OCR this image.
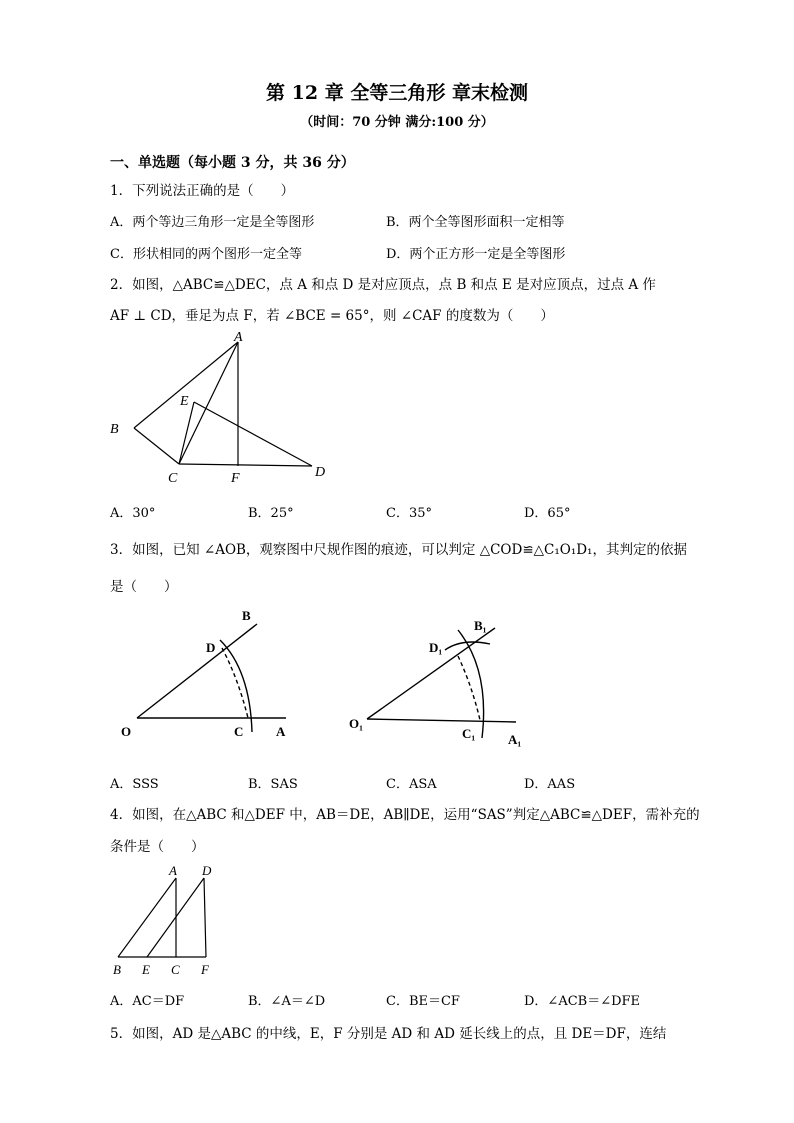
第 12 章 全等三角形 章末检测
（时间：70 分钟 满分:100 分）
一、单选题（每小题 3 分，共 36 分）
1．下列说法正确的是（　　）
A．两个等边三角形一定是全等图形	B．两个全等图形面积一定相等
C．形状相同的两个图形一定全等	D．两个正方形一定是全等图形
2．如图，△ABC≌△DEC，点 A 和点 D 是对应顶点，点 B 和点 E 是对应顶点，过点 A 作
AF ⊥ CD，垂足为点 F，若 ∠BCE = 65°，则 ∠CAF 的度数为（　　）
A
B
C	D
E
F
A．30°	B．25°	C．35°	D．65°
3．如图，已知 ∠AOB，观察图中尺规作图的痕迹，可以判定 △COD≌△C₁O₁D₁，其判定的依据
是（　　）
O	A
B
C
D
O₁
A₁
B₁
C₁
D₁
A．SSS	B．SAS	C．ASA	D．AAS
4．如图，在△ABC 和△DEF 中，AB＝DE，AB∥DE，运用“SAS”判定△ABC≌△DEF，需补充的
条件是（　　）
A D
B E C F
A．AC＝DF	B．∠A＝∠D	C．BE＝CF	D．∠ACB＝∠DFE
5．如图，AD 是△ABC 的中线，E，F 分别是 AD 和 AD 延长线上的点，且 DE＝DF，连结
